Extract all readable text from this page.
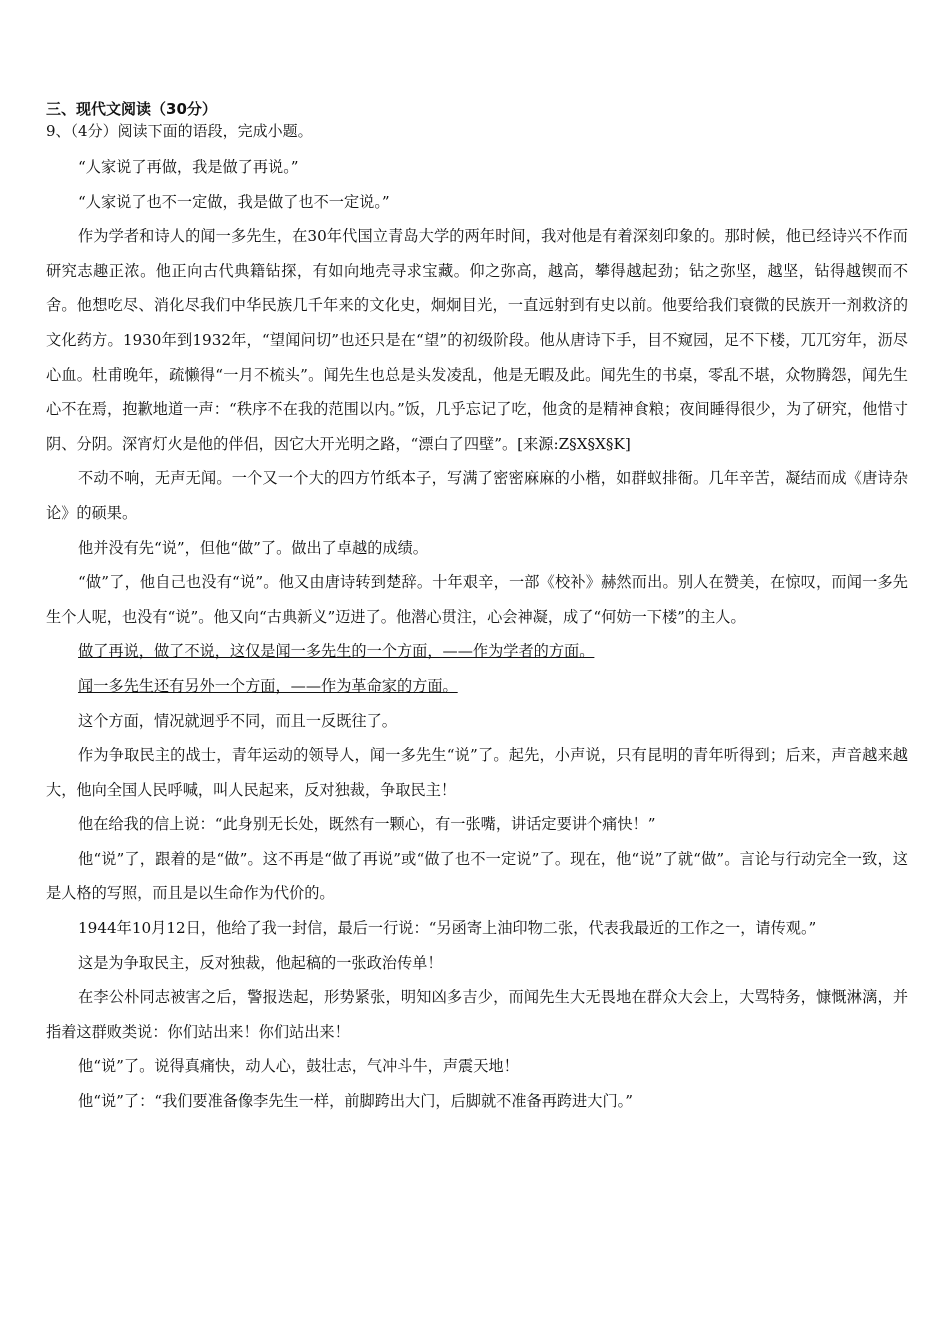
三、现代文阅读（30分）

9、（4分）阅读下面的语段，完成小题。

“人家说了再做，我是做了再说。”

“人家说了也不一定做，我是做了也不一定说。”

作为学者和诗人的闻一多先生，在30年代国立青岛大学的两年时间，我对他是有着深刻印象的。那时候，他已经诗兴不作而研究志趣正浓。他正向古代典籍钻探，有如向地壳寻求宝藏。仰之弥高，越高，攀得越起劲；钻之弥坚，越坚，钻得越锲而不舍。他想吃尽、消化尽我们中华民族几千年来的文化史，炯炯目光，一直远射到有史以前。他要给我们衰微的民族开一剂救济的文化药方。1930年到1932年，“望闻问切”也还只是在“望”的初级阶段。他从唐诗下手，目不窥园，足不下楼，兀兀穷年，沥尽心血。杜甫晚年，疏懒得“一月不梳头”。闻先生也总是头发凌乱，他是无暇及此。闻先生的书桌，零乱不堪，众物腾怨，闻先生心不在焉，抱歉地道一声：“秩序不在我的范围以内。”饭，几乎忘记了吃，他贪的是精神食粮；夜间睡得很少，为了研究，他惜寸阴、分阴。深宵灯火是他的伴侣，因它大开光明之路，“漂白了四壁”。[来源:Z§X§X§K]

不动不响，无声无闻。一个又一个大的四方竹纸本子，写满了密密麻麻的小楷，如群蚁排衙。几年辛苦，凝结而成《唐诗杂论》的硕果。

他并没有先“说”，但他“做”了。做出了卓越的成绩。

“做”了，他自己也没有“说”。他又由唐诗转到楚辞。十年艰辛，一部《校补》赫然而出。别人在赞美，在惊叹，而闻一多先生个人呢，也没有“说”。他又向“古典新义”迈进了。他潜心贯注，心会神凝，成了“何妨一下楼”的主人。

做了再说，做了不说，这仅是闻一多先生的一个方面，——作为学者的方面。

闻一多先生还有另外一个方面，——作为革命家的方面。

这个方面，情况就迥乎不同，而且一反既往了。

作为争取民主的战士，青年运动的领导人，闻一多先生“说”了。起先，小声说，只有昆明的青年听得到；后来，声音越来越大，他向全国人民呼喊，叫人民起来，反对独裁，争取民主！

他在给我的信上说：“此身别无长处，既然有一颗心，有一张嘴，讲话定要讲个痛快！”

他“说”了，跟着的是“做”。这不再是“做了再说”或“做了也不一定说”了。现在，他“说”了就“做”。言论与行动完全一致，这是人格的写照，而且是以生命作为代价的。

1944年10月12日，他给了我一封信，最后一行说：“另函寄上油印物二张，代表我最近的工作之一，请传观。”

这是为争取民主，反对独裁，他起稿的一张政治传单！

在李公朴同志被害之后，警报迭起，形势紧张，明知凶多吉少，而闻先生大无畏地在群众大会上，大骂特务，慷慨淋漓，并指着这群败类说：你们站出来！你们站出来！

他“说”了。说得真痛快，动人心，鼓壮志，气冲斗牛，声震天地！

他“说”了：“我们要准备像李先生一样，前脚跨出大门，后脚就不准备再跨进大门。”
